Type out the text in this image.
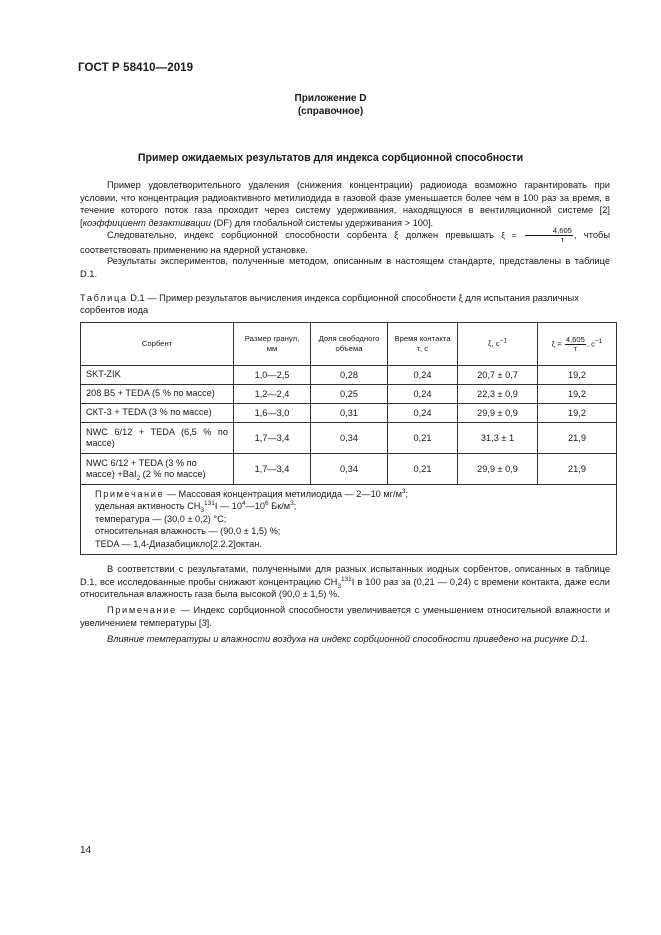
ГОСТ Р 58410—2019
Приложение D
(справочное)
Пример ожидаемых результатов для индекса сорбционной способности

Пример удовлетворительного удаления (снижения концентрации) радиоиода возможно гарантировать при условии, что концентрация радиоактивного метилиодида в газовой фазе уменьшается более чем в 100 раз за время, в течение которого поток газа проходит через систему удерживания, находящуюся в вентиляционной системе [2] [коэффициент дезактивации (DF) для глобальной системы удерживания > 100].

Следовательно, индекс сорбционной способности сорбента ξ должен превышать $\xi = \frac{4,605}{\tau}$ , чтобы соответствовать применению на ядерной установке.

Результаты экспериментов, полученные методом, описанным в настоящем стандарте, представлены в таблице D.1.

Таблица D.1 — Пример результатов вычисления индекса сорбционной способности ξ для испытания различных сорбентов иода

Сорбент	Размер гранул, мм	Доля свободного объема	Время контакта τ, с	ξ, $с^{-1}$	$\xi = \frac{4,605}{\tau}$ , $с^{-1}$
SKT-ZIK	1,0—2,5	0,28	0,24	20,7 ± 0,7	19,2
208 B5 + TEDA (5 % по массе)	1,2—2,4	0,25	0,24	22,3 ± 0,9	19,2
СКТ-3 + TEDA (3 % по массе)	1,6—3,0	0,31	0,24	29,9 ± 0,9	19,2
NWC 6/12 + TEDA (6,5 % по массе)	1,7—3,4	0,34	0,21	31,3 ± 1	21,9
NWC 6/12 + TEDA (3 % по массе) +BaI$_2$ (2 % по массе)	1,7—3,4	0,34	0,21	29,9 ± 0,9	21,9

Примечание — Массовая концентрация метилиодида — 2—10 $мг/м^3$;
удельная активность $CH_3^{131}I$ — $10^4—10^6$ $Бк/м^3$;
температура — (30,0 ± 0,2) °С;
относительная влажность — (90,0 ± 1,5) %;
TEDA — 1,4-Диазабицикло[2.2.2]октан.					

В соответствии с результатами, полученными для разных испытанных иодных сорбентов, описанных в таблице D.1, все исследованные пробы снижают концентрацию $CH_3^{131}I$ в 100 раз за (0,21 — 0,24) с времени контакта, даже если относительная влажность газа была высокой (90,0 ± 1,5) %.

Примечание — Индекс сорбционной способности увеличивается с уменьшением относительной влажности и увеличением температуры [3].

Влияние температуры и влажности воздуха на индекс сорбционной способности приведено на рисунке D.1.

14
